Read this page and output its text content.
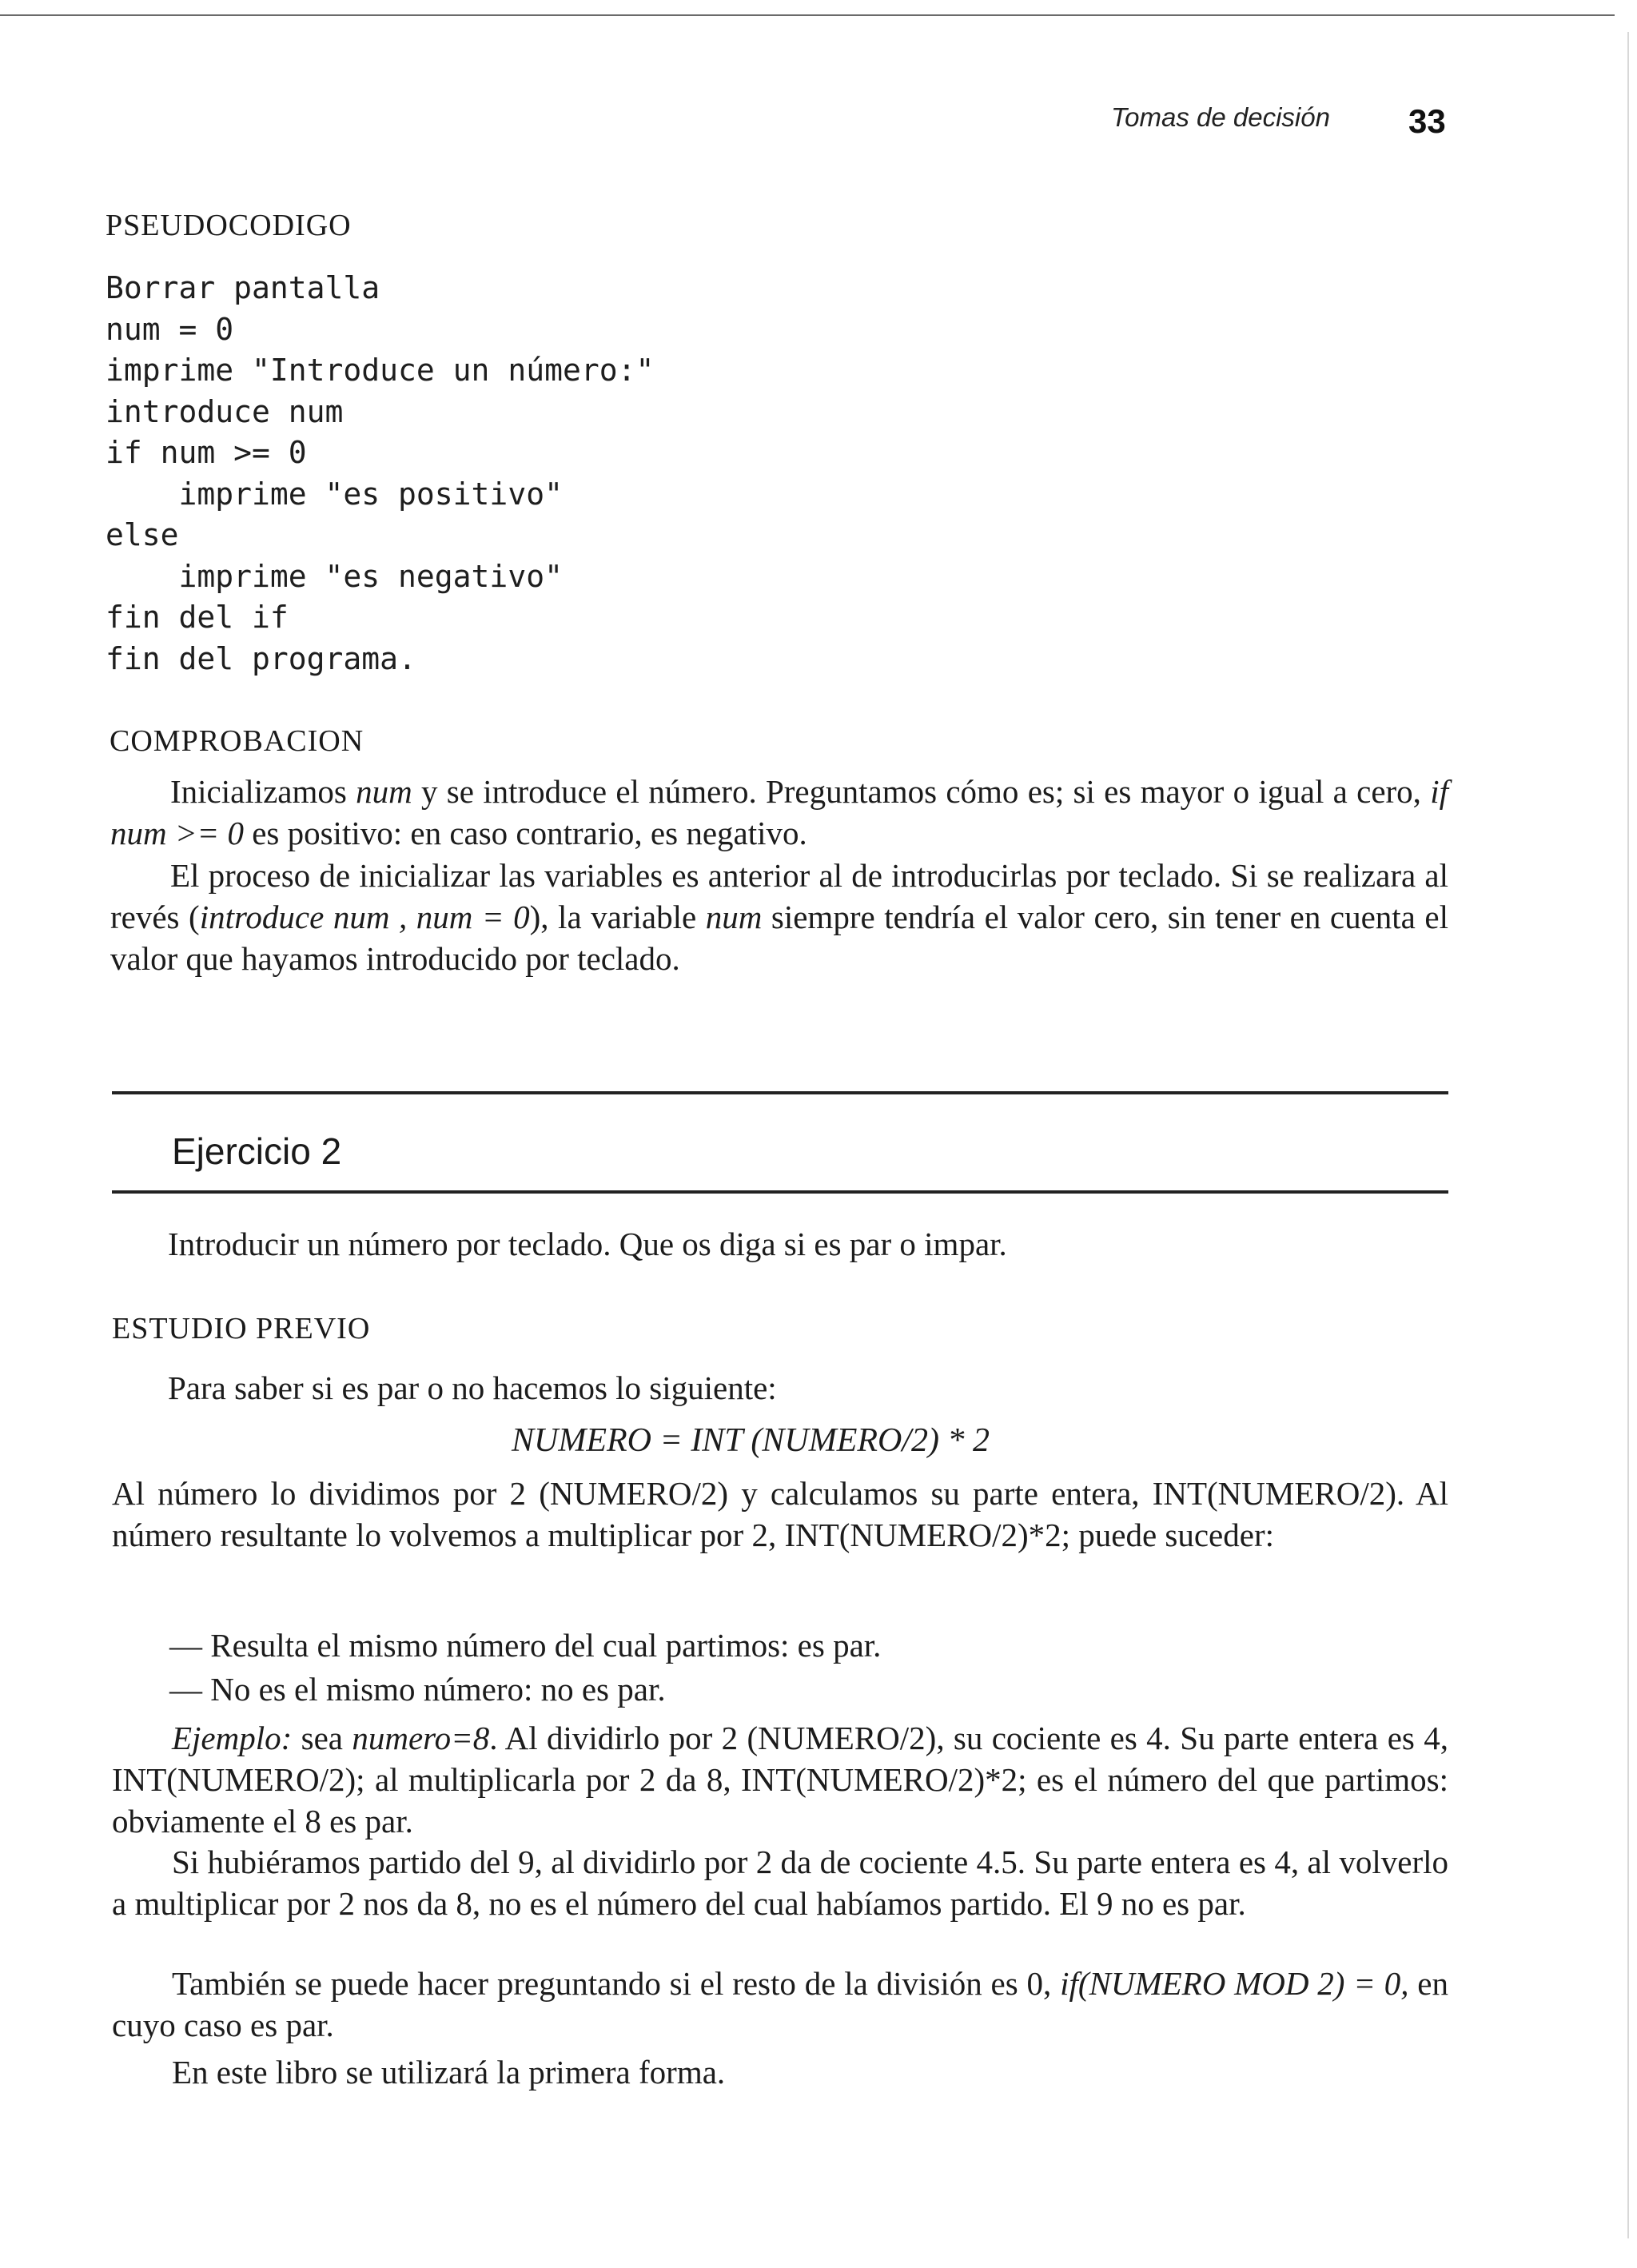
Tomas de decisión 33
PSEUDOCODIGO
Borrar pantalla
num = 0
imprime "Introduce un número:"
introduce num
if num >= 0
imprime "es positivo"
else
imprime "es negativo"
fin del if
fin del programa.
COMPROBACION
Inicializamos num y se introduce el número. Preguntamos cómo es; si es mayor o igual a cero, if num >= 0 es positivo: en caso contrario, es negativo.
El proceso de inicializar las variables es anterior al de introducirlas por teclado. Si se realizara al revés (introduce num , num = 0), la variable num siempre tendría el valor cero, sin tener en cuenta el valor que hayamos introducido por teclado.
Ejercicio 2
Introducir un número por teclado. Que os diga si es par o impar.
ESTUDIO PREVIO
Para saber si es par o no hacemos lo siguiente:
NUMERO = INT (NUMERO/2) * 2
Al número lo dividimos por 2 (NUMERO/2) y calculamos su parte entera, INT(NUMERO/2). Al número resultante lo volvemos a multiplicar por 2, INT(NUMERO/2)*2; puede suceder:
— Resulta el mismo número del cual partimos: es par.
— No es el mismo número: no es par.
Ejemplo: sea numero=8. Al dividirlo por 2 (NUMERO/2), su cociente es 4. Su parte entera es 4, INT(NUMERO/2); al multiplicarla por 2 da 8, INT(NUMERO/2)*2; es el número del que partimos: obviamente el 8 es par.
Si hubiéramos partido del 9, al dividirlo por 2 da de cociente 4.5. Su parte entera es 4, al volverlo a multiplicar por 2 nos da 8, no es el número del cual habíamos partido. El 9 no es par.
También se puede hacer preguntando si el resto de la división es 0, if(NUMERO MOD 2) = 0, en cuyo caso es par.
En este libro se utilizará la primera forma.
